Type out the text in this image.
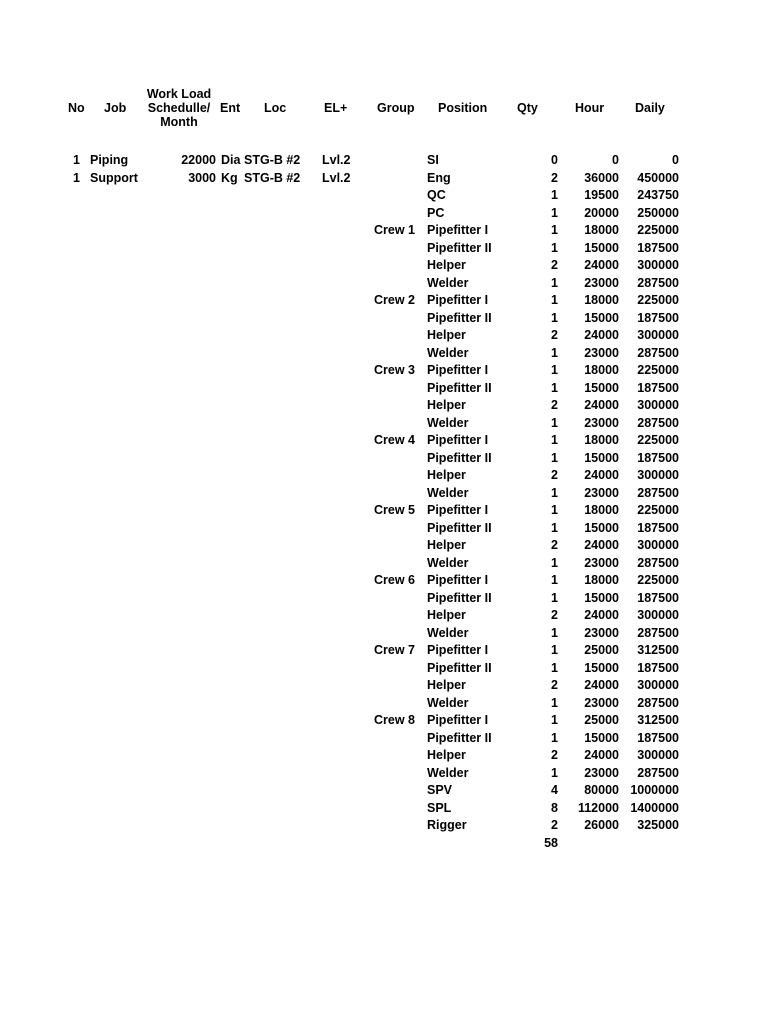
No Job
Work Load
Schedulle/
Month
Ent Loc	EL+ Group Position Qty	Hour Daily
1 Piping	22000 Dia STG-B #2 Lvl.2	SI	0	0	0
1 Support	3000 Kg STG-B #2 Lvl.2	Eng	2	36000	450000
QC	1	19500	243750
PC	1	20000	250000
Crew 1 Pipefitter I	1	18000	225000
Pipefitter II	1	15000	187500
Helper	2	24000	300000
Welder	1	23000	287500
Crew 2 Pipefitter I	1	18000	225000
Pipefitter II	1	15000	187500
Helper	2	24000	300000
Welder	1	23000	287500
Crew 3 Pipefitter I	1	18000	225000
Pipefitter II	1	15000	187500
Helper	2	24000	300000
Welder	1	23000	287500
Crew 4 Pipefitter I	1	18000	225000
Pipefitter II	1	15000	187500
Helper	2	24000	300000
Welder	1	23000	287500
Crew 5 Pipefitter I	1	18000	225000
Pipefitter II	1	15000	187500
Helper	2	24000	300000
Welder	1	23000	287500
Crew 6 Pipefitter I	1	18000	225000
Pipefitter II	1	15000	187500
Helper	2	24000	300000
Welder	1	23000	287500
Crew 7 Pipefitter I	1	25000	312500
Pipefitter II	1	15000	187500
Helper	2	24000	300000
Welder	1	23000	287500
Crew 8 Pipefitter I	1	25000	312500
Pipefitter II	1	15000	187500
Helper	2	24000	300000
Welder	1	23000	287500
SPV	4	80000 1000000
SPL	8	112000 1400000
Rigger	2	26000	325000
58
